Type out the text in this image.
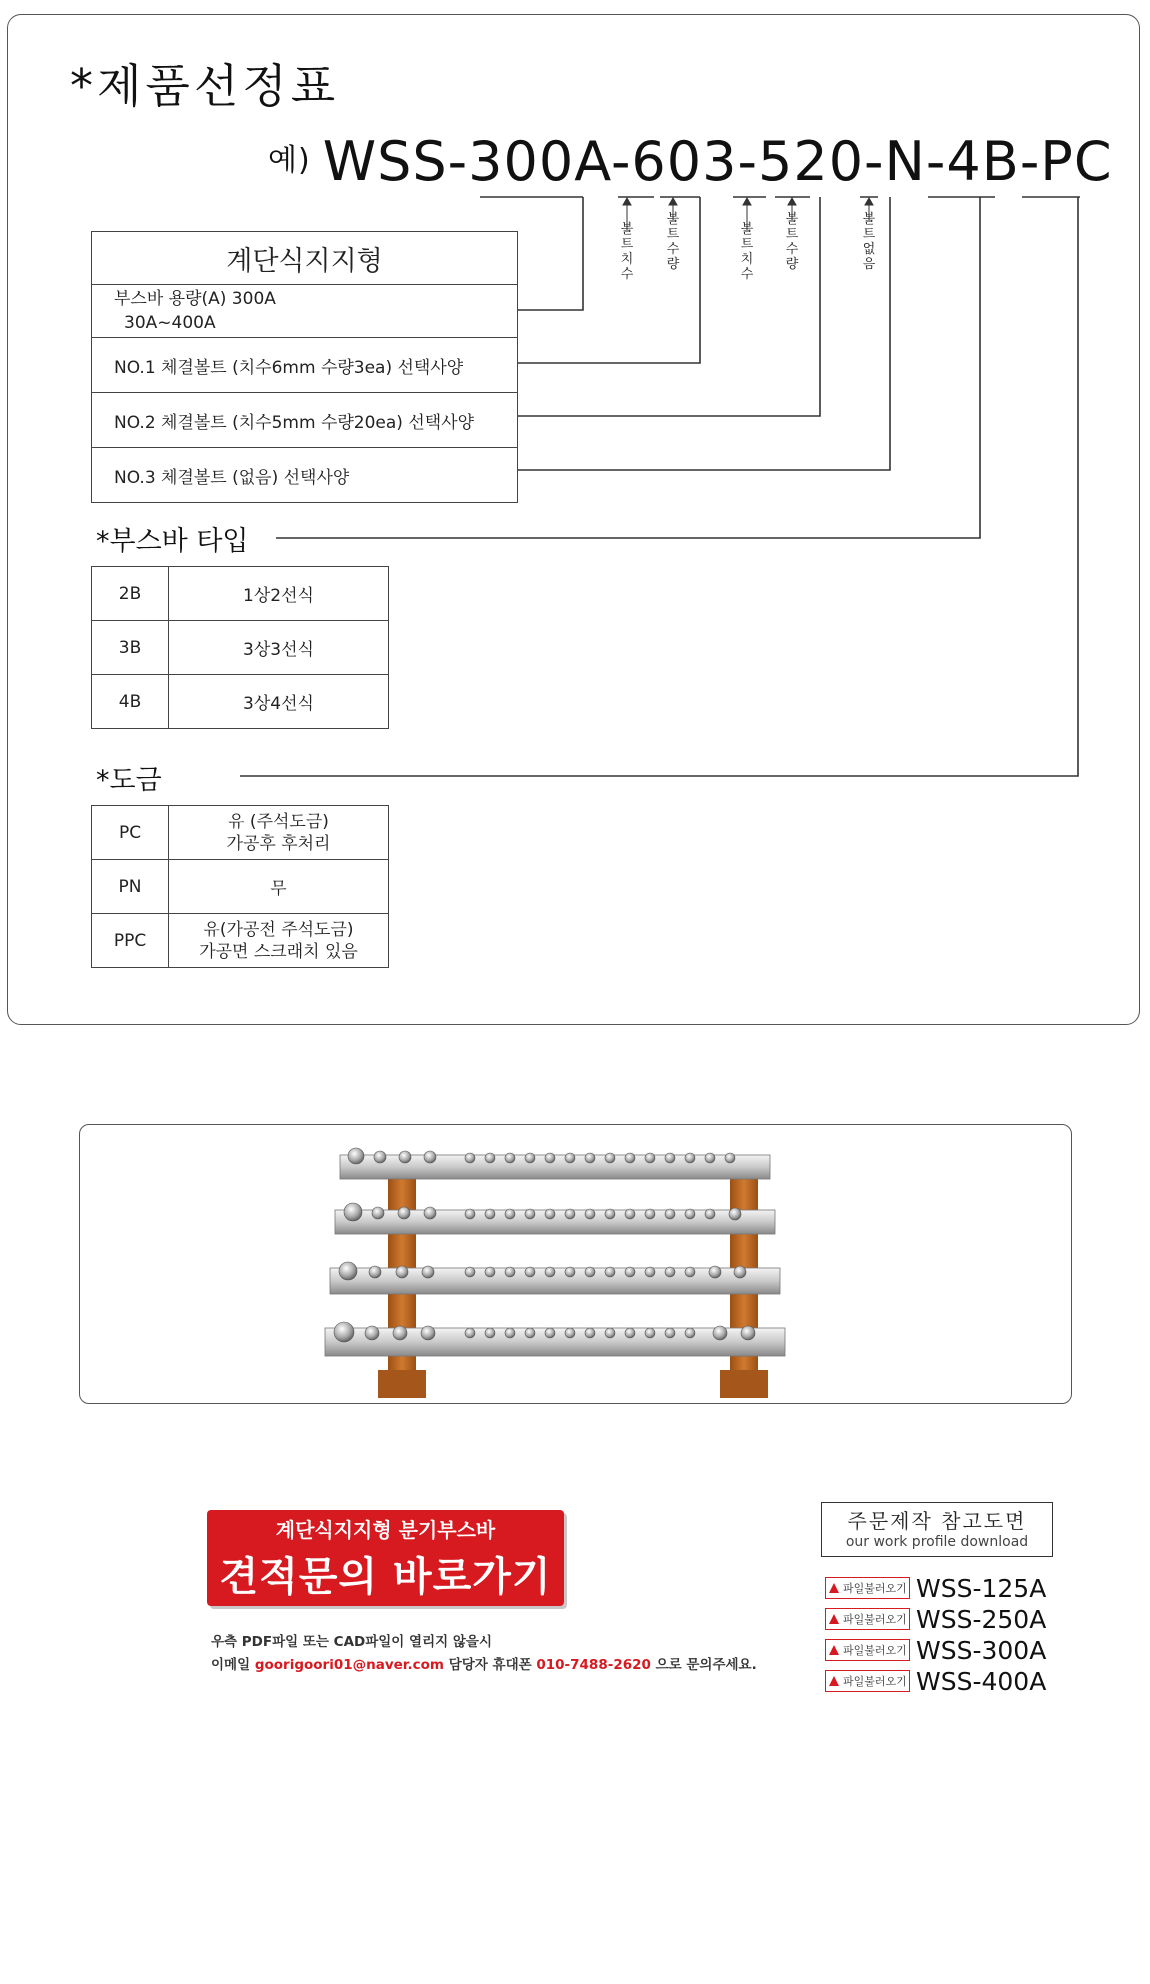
*제품선정표
예) WSS-300A-603-520-N-4B-PC
볼트치수
볼트수량
볼트치수
볼트수량
볼트없음
계단식지지형

부스바 용량(A) 300A
30A~400A

NO.1 체결볼트 (치수6mm 수량3ea) 선택사양
NO.2 체결볼트 (치수5mm 수량20ea) 선택사양
NO.3 체결볼트 (없음) 선택사양
*부스바 타입
2B	1상2선식
3B	3상3선식
4B	3상4선식
*도금
PC	유 (주석도금)
가공후 후처리

PN	무
PPC	유(가공전 주석도금)
가공면 스크래치 있음
계단식지지형 분기부스바
견적문의 바로가기
우측 PDF파일 또는 CAD파일이 열리지 않을시
이메일 goorigoori01@naver.com 담당자 휴대폰 010-7488-2620 으로 문의주세요.
주문제작 참고도면
our work profile download
파일불러오기 WSS-125A
파일불러오기 WSS-250A
파일불러오기 WSS-300A
파일불러오기 WSS-400A
